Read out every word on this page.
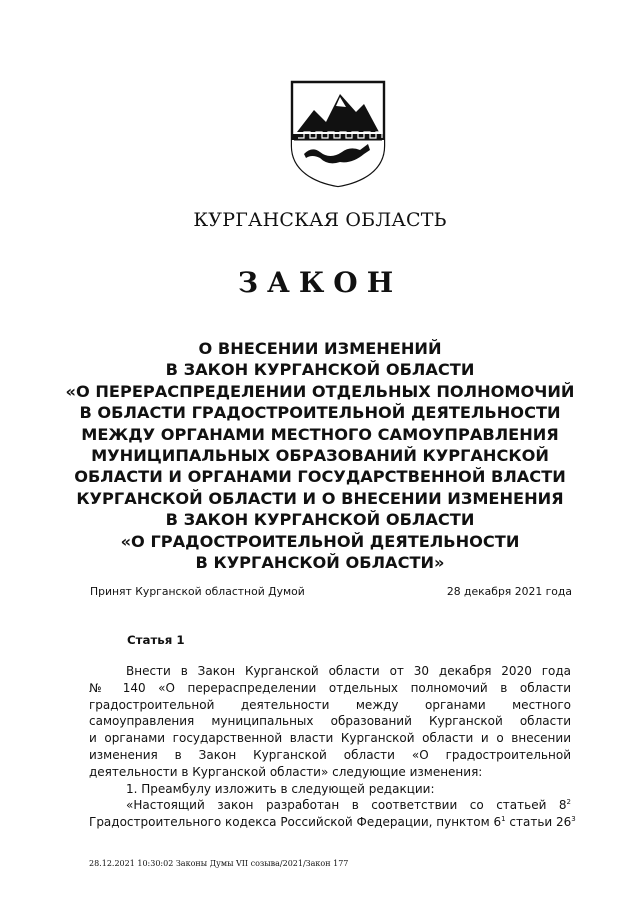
КУРГАНСКАЯ ОБЛАСТЬ
ЗАКОН
О ВНЕСЕНИИ ИЗМЕНЕНИЙ
В ЗАКОН КУРГАНСКОЙ ОБЛАСТИ
«О ПЕРЕРАСПРЕДЕЛЕНИИ ОТДЕЛЬНЫХ ПОЛНОМОЧИЙ
В ОБЛАСТИ ГРАДОСТРОИТЕЛЬНОЙ ДЕЯТЕЛЬНОСТИ
МЕЖДУ ОРГАНАМИ МЕСТНОГО САМОУПРАВЛЕНИЯ
МУНИЦИПАЛЬНЫХ ОБРАЗОВАНИЙ КУРГАНСКОЙ
ОБЛАСТИ И ОРГАНАМИ ГОСУДАРСТВЕННОЙ ВЛАСТИ
КУРГАНСКОЙ ОБЛАСТИ И О ВНЕСЕНИИ ИЗМЕНЕНИЯ
В ЗАКОН КУРГАНСКОЙ ОБЛАСТИ
«О ГРАДОСТРОИТЕЛЬНОЙ ДЕЯТЕЛЬНОСТИ
В КУРГАНСКОЙ ОБЛАСТИ»
Принят Курганской областной Думой	28 декабря 2021 года
Статья 1
Внести в Закон Курганской области от 30 декабря 2020 года
№ 140 «О перераспределении отдельных полномочий в области
градостроительной деятельности между органами местного
самоуправления муниципальных образований Курганской области
и органами государственной власти Курганской области и о внесении
изменения в Закон Курганской области «О градостроительной
деятельности в Курганской области» следующие изменения:
1. Преамбулу изложить в следующей редакции:
«Настоящий закон разработан в соответствии со статьей $8^2$
Градостроительного кодекса Российской Федерации, пунктом $6^1$ статьи $26^3$
28.12.2021 10:30:02 Законы Думы VII созыва/2021/Закон 177
